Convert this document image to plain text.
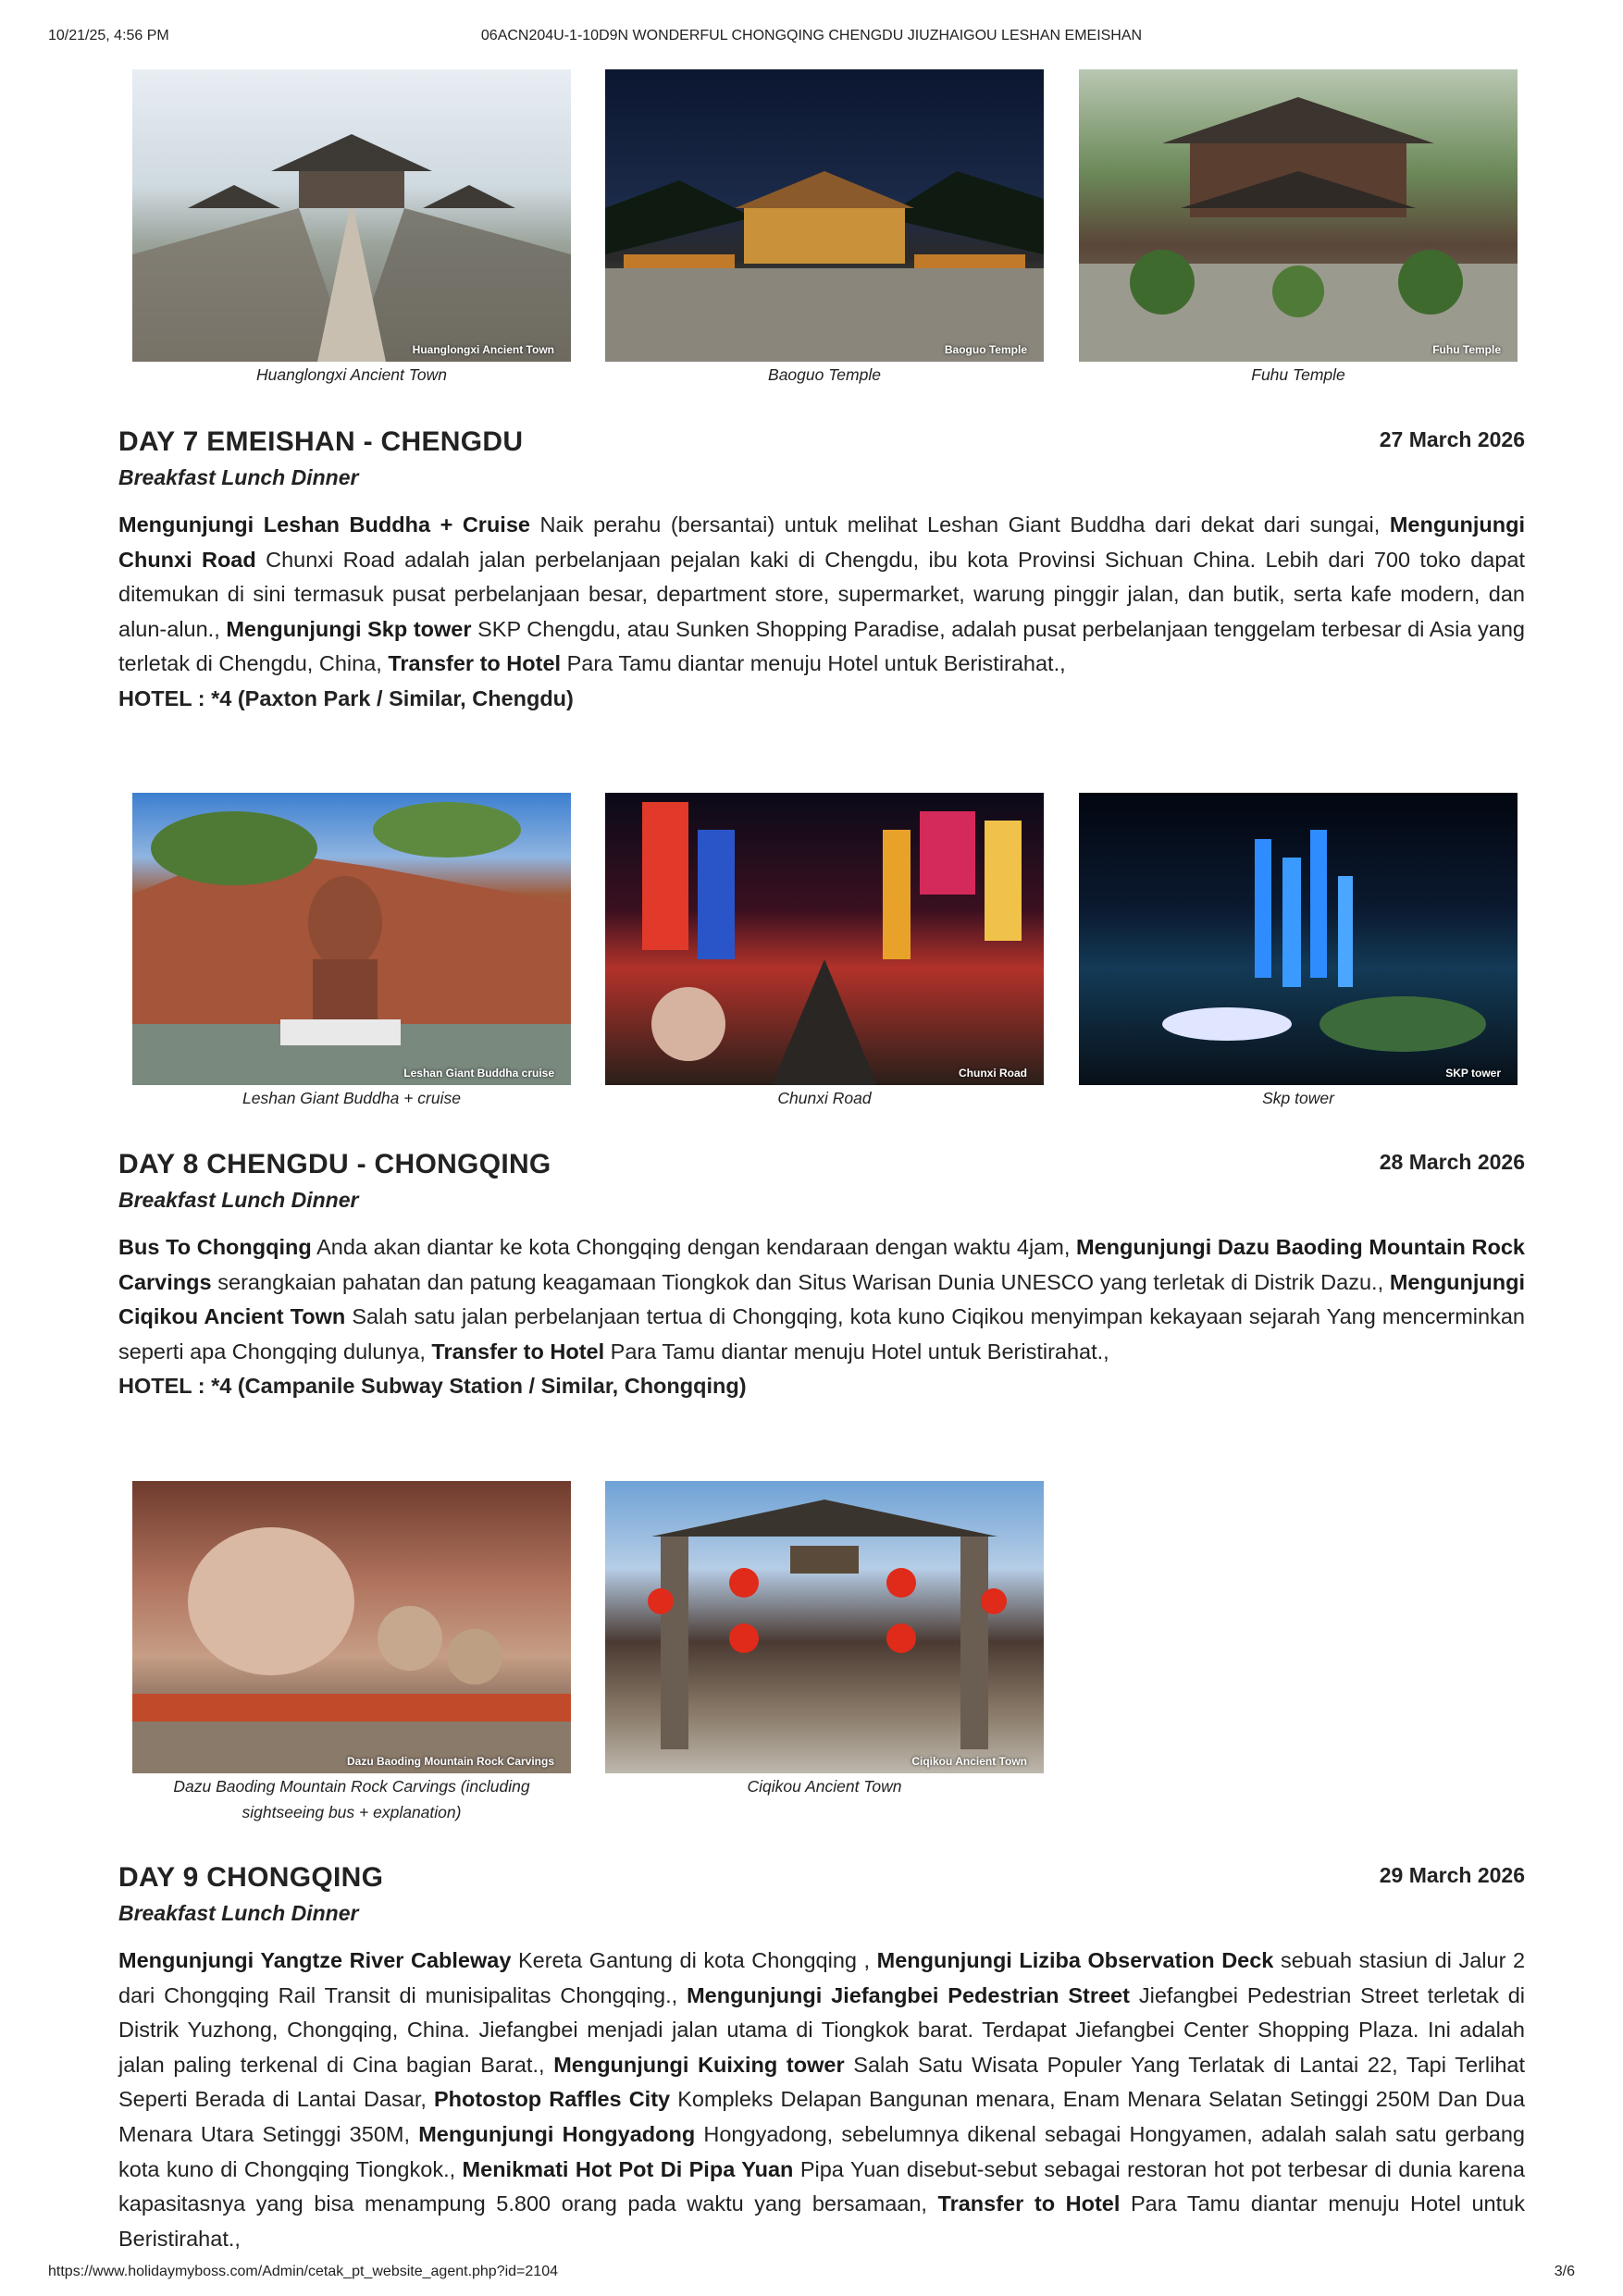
10/21/25, 4:56 PM	06ACN204U-1-10D9N WONDERFUL CHONGQING CHENGDU JIUZHAIGOU LESHAN EMEISHAN
Huanglongxi Ancient Town
Huanglongxi Ancient Town
Baoguo Temple
Baoguo Temple
Fuhu Temple
Fuhu Temple
DAY 7 EMEISHAN - CHENGDU	27 March 2026
Breakfast Lunch Dinner
Mengunjungi Leshan Buddha + Cruise Naik perahu (bersantai) untuk melihat Leshan Giant Buddha dari dekat dari sungai, Mengunjungi Chunxi Road Chunxi Road adalah jalan perbelanjaan pejalan kaki di Chengdu, ibu kota Provinsi Sichuan China. Lebih dari 700 toko dapat ditemukan di sini termasuk pusat perbelanjaan besar, department store, supermarket, warung pinggir jalan, dan butik, serta kafe modern, dan alun-alun., Mengunjungi Skp tower SKP Chengdu, atau Sunken Shopping Paradise, adalah pusat perbelanjaan tenggelam terbesar di Asia yang terletak di Chengdu, China, Transfer to Hotel Para Tamu diantar menuju Hotel untuk Beristirahat.,
HOTEL : *4 (Paxton Park / Similar, Chengdu)
Leshan Giant Buddha cruise
Leshan Giant Buddha + cruise
Chunxi Road
Chunxi Road
SKP tower
Skp tower
DAY 8 CHENGDU - CHONGQING	28 March 2026
Breakfast Lunch Dinner
Bus To Chongqing Anda akan diantar ke kota Chongqing dengan kendaraan dengan waktu 4jam, Mengunjungi Dazu Baoding Mountain Rock Carvings serangkaian pahatan dan patung keagamaan Tiongkok dan Situs Warisan Dunia UNESCO yang terletak di Distrik Dazu., Mengunjungi Ciqikou Ancient Town Salah satu jalan perbelanjaan tertua di Chongqing, kota kuno Ciqikou menyimpan kekayaan sejarah Yang mencerminkan seperti apa Chongqing dulunya, Transfer to Hotel Para Tamu diantar menuju Hotel untuk Beristirahat.,
HOTEL : *4 (Campanile Subway Station / Similar, Chongqing)
Dazu Baoding Mountain Rock Carvings
Dazu Baoding Mountain Rock Carvings (including sightseeing bus + explanation)
Ciqikou Ancient Town
Ciqikou Ancient Town
DAY 9 CHONGQING	29 March 2026
Breakfast Lunch Dinner
Mengunjungi Yangtze River Cableway Kereta Gantung di kota Chongqing , Mengunjungi Liziba Observation Deck sebuah stasiun di Jalur 2 dari Chongqing Rail Transit di munisipalitas Chongqing., Mengunjungi Jiefangbei Pedestrian Street Jiefangbei Pedestrian Street terletak di Distrik Yuzhong, Chongqing, China. Jiefangbei menjadi jalan utama di Tiongkok barat. Terdapat Jiefangbei Center Shopping Plaza. Ini adalah jalan paling terkenal di Cina bagian Barat., Mengunjungi Kuixing tower Salah Satu Wisata Populer Yang Terlatak di Lantai 22, Tapi Terlihat Seperti Berada di Lantai Dasar, Photostop Raffles City Kompleks Delapan Bangunan menara, Enam Menara Selatan Setinggi 250M Dan Dua Menara Utara Setinggi 350M, Mengunjungi Hongyadong Hongyadong, sebelumnya dikenal sebagai Hongyamen, adalah salah satu gerbang kota kuno di Chongqing Tiongkok., Menikmati Hot Pot Di Pipa Yuan Pipa Yuan disebut-sebut sebagai restoran hot pot terbesar di dunia karena kapasitasnya yang bisa menampung 5.800 orang pada waktu yang bersamaan, Transfer to Hotel Para Tamu diantar menuju Hotel untuk Beristirahat.,
https://www.holidaymyboss.com/Admin/cetak_pt_website_agent.php?id=2104	3/6
